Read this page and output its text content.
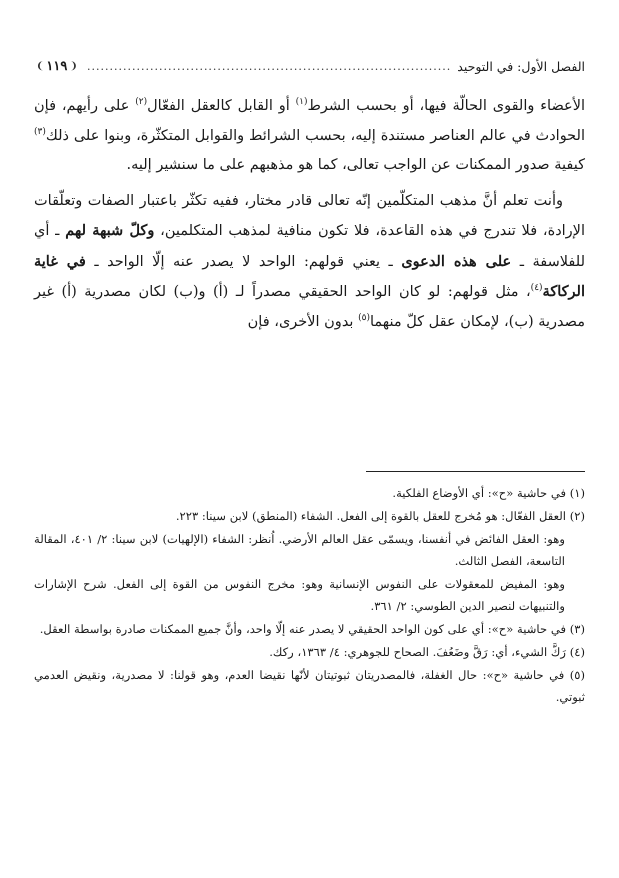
الفصل الأول: في التوحيد
.....
❨
١١٩
❩

الأعضاء والقوى الحالّة فيها، أو بحسب الشرط$^{(١)}$ أو القابل كالعقل الفعّال$^{(٢)}$ على رأيهم، فإن الحوادث في عالم العناصر مستندة إليه، بحسب الشرائط والقوابل المتكثّرة، وبنوا على ذلك$^{(٣)}$ كيفية صدور الممكنات عن الواجب تعالى، كما هو مذهبهم على ما سنشير إليه.

وأنت تعلم أنَّ مذهب المتكلّمين إنّه تعالى قادر مختار، ففيه تكثّر باعتبار الصفات وتعلّقات الإرادة، فلا تندرج في هذه القاعدة، فلا تكون منافية لمذهب المتكلمين، وكلّ شبهة لهم ـ أي للفلاسفة ـ على هذه الدعوى ـ يعني قولهم: الواحد لا يصدر عنه إلّا الواحد ـ في غاية الركاكة$^{(٤)}$، مثل قولهم: لو كان الواحد الحقيقي مصدراً لـ (أ) و(ب) لكان مصدرية (أ) غير مصدرية (ب)، لإمكان عقل كلّ منهما$^{(٥)}$ بدون الأخرى، فإن

(١) في حاشية «ح»: أي الأوضاع الفلكية.

(٢) العقل الفعّال: هو مُخرج للعقل بالقوة إلى الفعل. الشفاء (المنطق) لابن سينا: ٢٢٣.

وهو: العقل الفائض في أنفسنا، ويسمّى عقل العالم الأرضي. اُنظر: الشفاء (الإلهيات) لابن سينا: ٢/ ٤٠١، المقالة التاسعة، الفصل الثالث.

وهو: المفيض للمعقولات على النفوس الإنسانية وهو: مخرج النفوس من القوة إلى الفعل. شرح الإشارات والتنبيهات لنصير الدين الطوسي: ٢/ ٣٦١.

(٣) في حاشية «ح»: أي على كون الواحد الحقيقي لا يصدر عنه إلّا واحد، وأنَّ جميع الممكنات صادرة بواسطة العقل.

(٤) رَكَّ الشيء، أي: رَقَّ وضَعُفَ. الصحاح للجوهري: ٤/ ١٣٦٣، ركك.

(٥) في حاشية «ح»: حال الغفلة، فالمصدريتان ثبوتيتان لأنّها نقيضا العدم، وهو قولنا: لا مصدرية، ونقيض العدمي ثبوتي.
